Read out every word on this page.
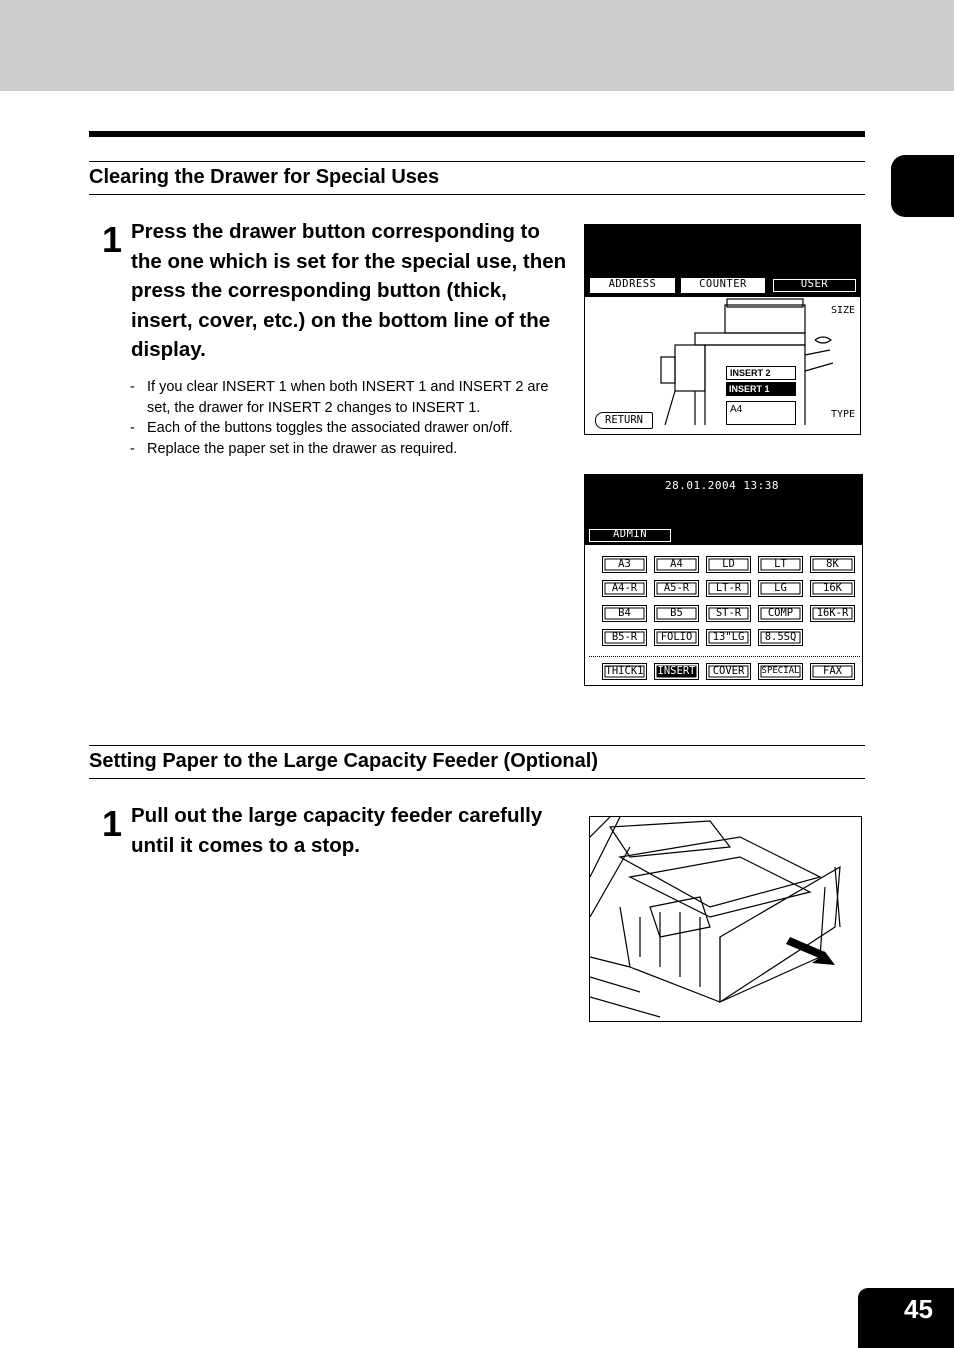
Clearing the Drawer for Special Uses
1 Press the drawer button corresponding to the one which is set for the special use, then press the corresponding button (thick, insert, cover, etc.) on the bottom line of the display.
- If you clear INSERT 1 when both INSERT 1 and INSERT 2 are set, the drawer for INSERT 2 changes to INSERT 1.
- Each of the buttons toggles the associated drawer on/off.
- Replace the paper set in the drawer as required.
ADDRESS	COUNTER	USER
SIZE
TYPE
INSERT 2
INSERT 1
A4
RETURN
28.01.2004 13:38
ADMIN
A3	A4	LD	LT	8K
A4-R	A5-R	LT-R	LG	16K
B4	B5	ST-R	COMP	16K-R
B5-R	FOLIO	13"LG	8.5SQ
THICK1	INSERT	COVER	SPECIAL	FAX
Setting Paper to the Large Capacity Feeder (Optional)
1 Pull out the large capacity feeder carefully until it comes to a stop.
45
